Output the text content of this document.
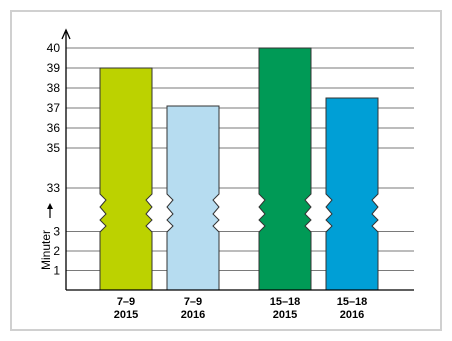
1
2
3
33
35
36
37
38
39
40
7–9
2015
7–9
2016
15–18
2015
15–18
2016
Minuter
